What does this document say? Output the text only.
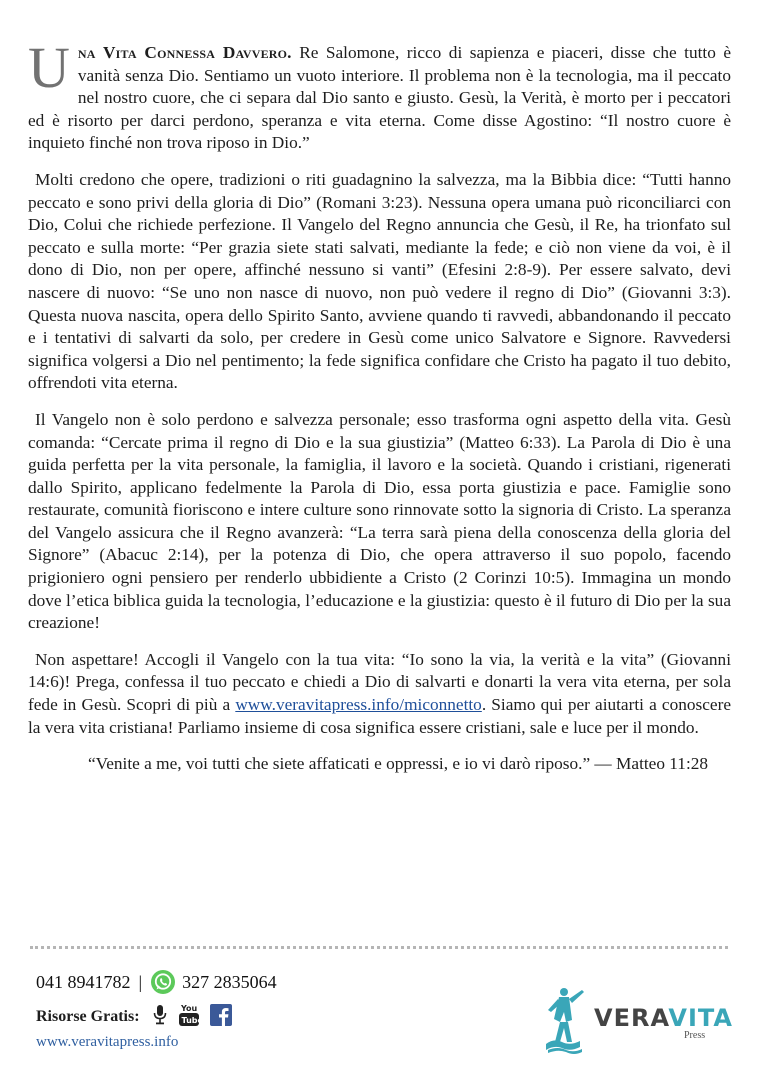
Una Vita Connessa Davvero. Re Salomone, ricco di sapienza e piaceri, disse che tutto è vanità senza Dio. Sentiamo un vuoto interiore. Il problema non è la tecnologia, ma il peccato nel nostro cuore, che ci separa dal Dio santo e giusto. Gesù, la Verità, è morto per i peccatori ed è risorto per darci perdono, speranza e vita eterna. Come disse Agostino: “Il nostro cuore è inquieto finché non trova riposo in Dio.”

Molti credono che opere, tradizioni o riti guadagnino la salvezza, ma la Bibbia dice: “Tutti hanno peccato e sono privi della gloria di Dio” (Romani 3:23). Nessuna opera umana può riconciliarci con Dio, Colui che richiede perfezione. Il Vangelo del Regno annuncia che Gesù, il Re, ha trionfato sul peccato e sulla morte: “Per grazia siete stati salvati, mediante la fede; e ciò non viene da voi, è il dono di Dio, non per opere, affinché nessuno si vanti” (Efesini 2:8-9). Per essere salvato, devi nascere di nuovo: “Se uno non nasce di nuovo, non può vedere il regno di Dio” (Giovanni 3:3). Questa nuova nascita, opera dello Spirito Santo, avviene quando ti ravvedi, abbandonando il peccato e i tentativi di salvarti da solo, per credere in Gesù come unico Salvatore e Signore. Ravvedersi significa volgersi a Dio nel pentimento; la fede significa confidare che Cristo ha pagato il tuo debito, offrendoti vita eterna.

Il Vangelo non è solo perdono e salvezza personale; esso trasforma ogni aspetto della vita. Gesù comanda: “Cercate prima il regno di Dio e la sua giustizia” (Matteo 6:33). La Parola di Dio è una guida perfetta per la vita personale, la famiglia, il lavoro e la società. Quando i cristiani, rigenerati dallo Spirito, applicano fedelmente la Parola di Dio, essa porta giustizia e pace. Famiglie sono restaurate, comunità fioriscono e intere culture sono rinnovate sotto la signoria di Cristo. La speranza del Vangelo assicura che il Regno avanzerà: “La terra sarà piena della conoscenza della gloria del Signore” (Abacuc 2:14), per la potenza di Dio, che opera attraverso il suo popolo, facendo prigioniero ogni pensiero per renderlo ubbidiente a Cristo (2 Corinzi 10:5). Immagina un mondo dove l’etica biblica guida la tecnologia, l’educazione e la giustizia: questo è il futuro di Dio per la sua creazione!

Non aspettare! Accogli il Vangelo con la tua vita: “Io sono la via, la verità e la vita” (Giovanni 14:6)! Prega, confessa il tuo peccato e chiedi a Dio di salvarti e donarti la vera vita eterna, per sola fede in Gesù. Scopri di più a www.veravitapress.info/miconnetto. Siamo qui per aiutarti a conoscere la vera vita cristiana! Parliamo insieme di cosa significa essere cristiani, sale e luce per il mondo.

“Venite a me, voi tutti che siete affaticati e oppressi, e io vi darò riposo.” — Matteo 11:28
041 8941782 | 327 2835064
Risorse Gratis:	You
Tube
www.veravitapress.info
VERAVITA
Press
